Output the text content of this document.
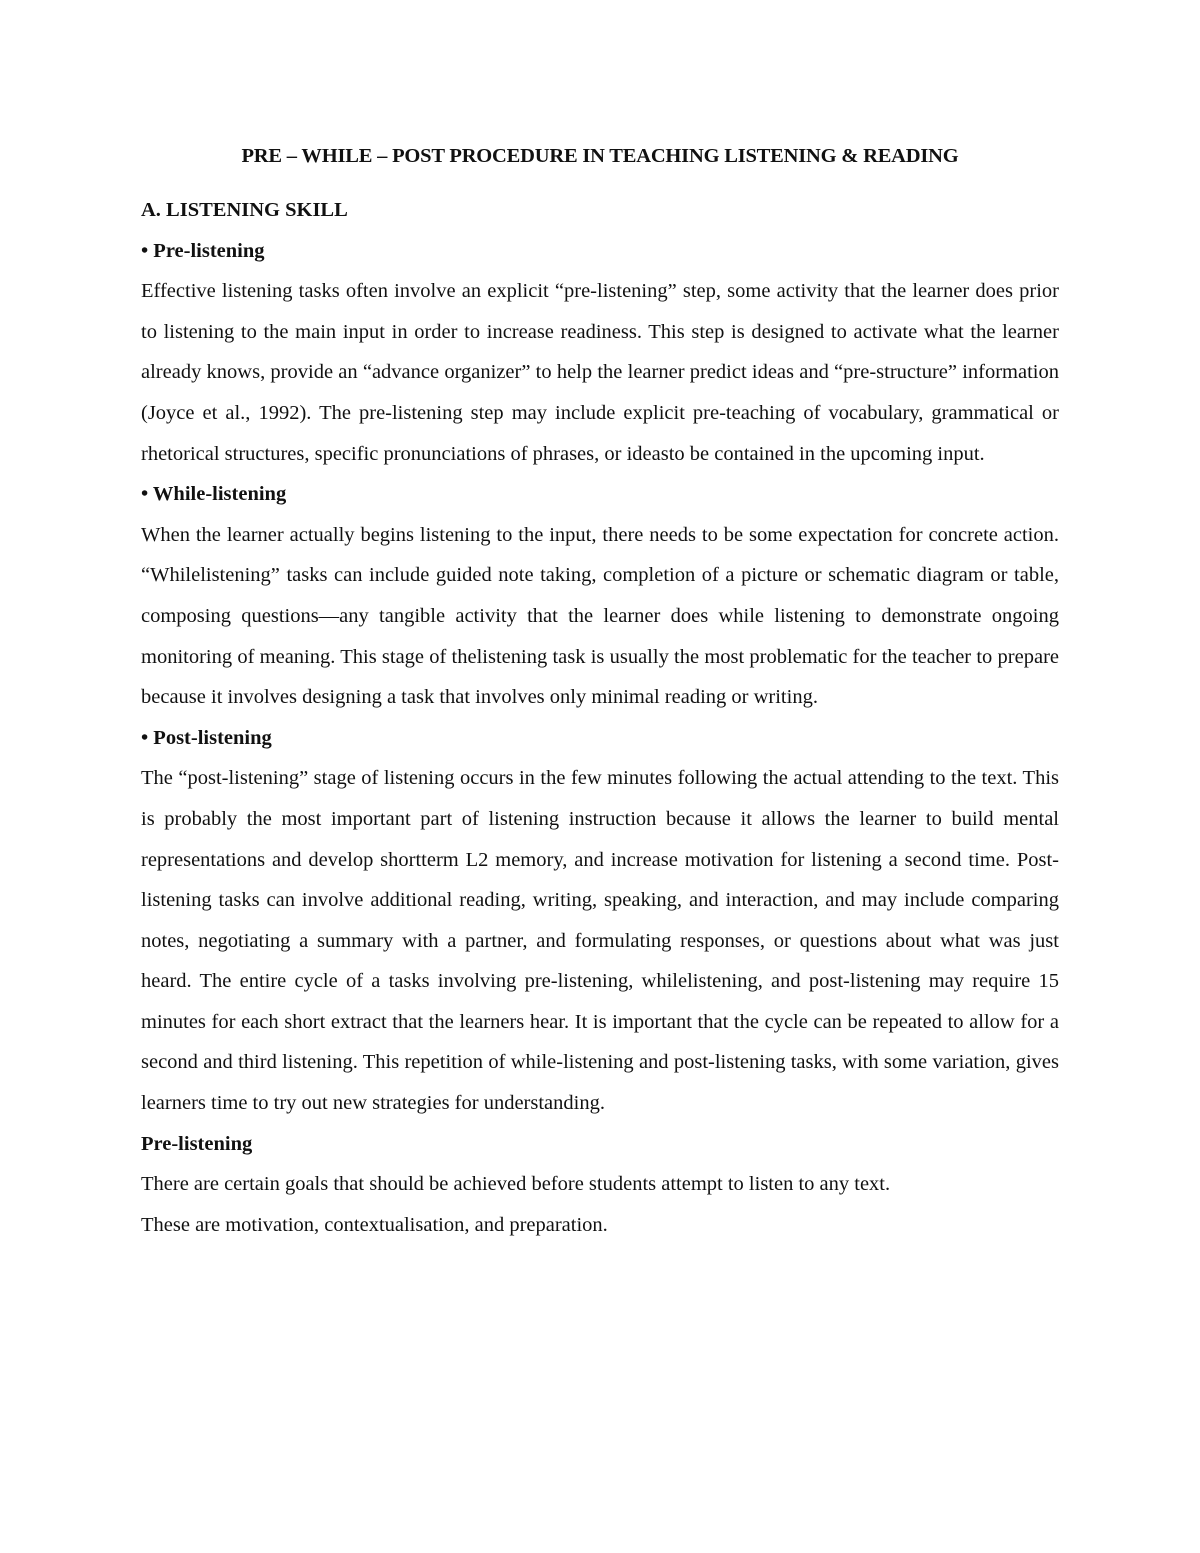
PRE – WHILE – POST PROCEDURE IN TEACHING LISTENING & READING

A. LISTENING SKILL

• Pre-listening

Effective listening tasks often involve an explicit “pre-listening” step, some activity that the learner does prior to listening to the main input in order to increase readiness. This step is designed to activate what the learner already knows, provide an “advance organizer” to help the learner predict ideas and “pre-structure” information (Joyce et al., 1992). The pre-listening step may include explicit pre-teaching of vocabulary, grammatical or rhetorical structures, specific pronunciations of phrases, or ideasto be contained in the upcoming input.

• While-listening

When the learner actually begins listening to the input, there needs to be some expectation for concrete action. “Whilelistening” tasks can include guided note taking, completion of a picture or schematic diagram or table, composing questions—any tangible activity that the learner does while listening to demonstrate ongoing monitoring of meaning. This stage of thelistening task is usually the most problematic for the teacher to prepare because it involves designing a task that involves only minimal reading or writing.

• Post-listening

The “post-listening” stage of listening occurs in the few minutes following the actual attending to the text. This is probably the most important part of listening instruction because it allows the learner to build mental representations and develop shortterm L2 memory, and increase motivation for listening a second time. Post-listening tasks can involve additional reading, writing, speaking, and interaction, and may include comparing notes, negotiating a summary with a partner, and formulating responses, or questions about what was just heard. The entire cycle of a tasks involving pre-listening, whilelistening, and post-listening may require 15 minutes for each short extract that the learners hear. It is important that the cycle can be repeated to allow for a second and third listening. This repetition of while-listening and post-listening tasks, with some variation, gives learners time to try out new strategies for understanding.

Pre-listening

There are certain goals that should be achieved before students attempt to listen to any text.

These are motivation, contextualisation, and preparation.
